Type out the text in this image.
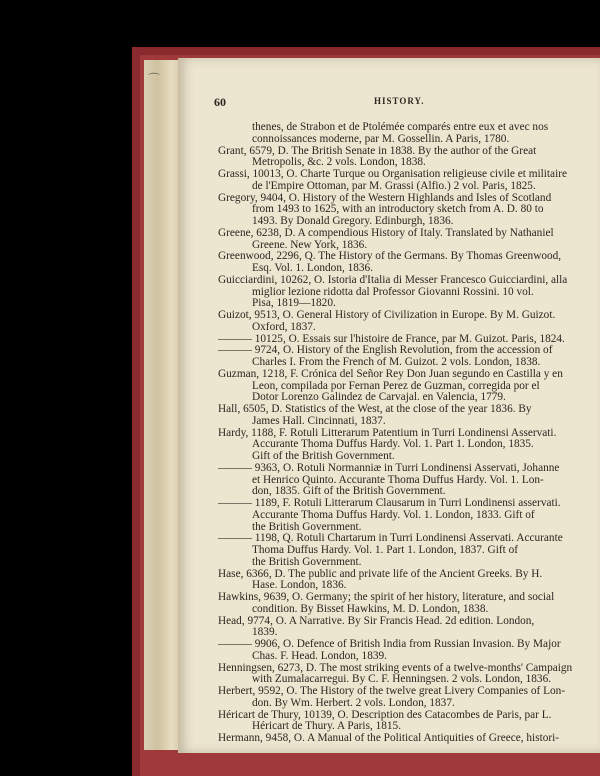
⌒
60	HISTORY.
thenes, de Strabon et de Ptolémée comparés entre eux et avec nos
connoissances moderne, par M. Gossellin. A Paris, 1780.
Grant, 6579, D. The British Senate in 1838. By the author of the Great
Metropolis, &c. 2 vols. London, 1838.
Grassi, 10013, O. Charte Turque ou Organisation religieuse civile et militaire
de l'Empire Ottoman, par M. Grassi (Alfio.) 2 vol. Paris, 1825.
Gregory, 9404, O. History of the Western Highlands and Isles of Scotland
from 1493 to 1625, with an introductory sketch from A. D. 80 to
1493. By Donald Gregory. Edinburgh, 1836.
Greene, 6238, D. A compendious History of Italy. Translated by Nathaniel
Greene. New York, 1836.
Greenwood, 2296, Q. The History of the Germans. By Thomas Greenwood,
Esq. Vol. 1. London, 1836.
Guicciardini, 10262, O. Istoria d'Italia di Messer Francesco Guicciardini, alla
miglior lezione ridotta dal Professor Giovanni Rossini. 10 vol.
Pisa, 1819—1820.
Guizot, 9513, O. General History of Civilization in Europe. By M. Guizot.
Oxford, 1837.
——— 10125, O. Essais sur l'histoire de France, par M. Guizot. Paris, 1824.
——— 9724, O. History of the English Revolution, from the accession of
Charles I. From the French of M. Guizot. 2 vols. London, 1838.
Guzman, 1218, F. Crónica del Señor Rey Don Juan segundo en Castilla y en
Leon, compilada por Fernan Perez de Guzman, corregida por el
Dotor Lorenzo Galindez de Carvajal. en Valencia, 1779.
Hall, 6505, D. Statistics of the West, at the close of the year 1836. By
James Hall. Cincinnati, 1837.
Hardy, 1188, F. Rotuli Litterarum Patentium in Turri Londinensi Asservati.
Accurante Thoma Duffus Hardy. Vol. 1. Part 1. London, 1835.
Gift of the British Government.
——— 9363, O. Rotuli Normanniæ in Turri Londinensi Asservati, Johanne
et Henrico Quinto. Accurante Thoma Duffus Hardy. Vol. 1. Lon-
don, 1835. Gift of the British Government.
——— 1189, F. Rotuli Litterarum Clausarum in Turri Londinensi asservati.
Accurante Thoma Duffus Hardy. Vol. 1. London, 1833. Gift of
the British Government.
——— 1198, Q. Rotuli Chartarum in Turri Londinensi Asservati. Accurante
Thoma Duffus Hardy. Vol. 1. Part 1. London, 1837. Gift of
the British Government.
Hase, 6366, D. The public and private life of the Ancient Greeks. By H.
Hase. London, 1836.
Hawkins, 9639, O. Germany; the spirit of her history, literature, and social
condition. By Bisset Hawkins, M. D. London, 1838.
Head, 9774, O. A Narrative. By Sir Francis Head. 2d edition. London,
1839.
——— 9906, O. Defence of British India from Russian Invasion. By Major
Chas. F. Head. London, 1839.
Henningsen, 6273, D. The most striking events of a twelve-months' Campaign
with Zumalacarregui. By C. F. Henningsen. 2 vols. London, 1836.
Herbert, 9592, O. The History of the twelve great Livery Companies of Lon-
don. By Wm. Herbert. 2 vols. London, 1837.
Héricart de Thury, 10139, O. Description des Catacombes de Paris, par L.
Héricart de Thury. A Paris, 1815.
Hermann, 9458, O. A Manual of the Political Antiquities of Greece, histori-
